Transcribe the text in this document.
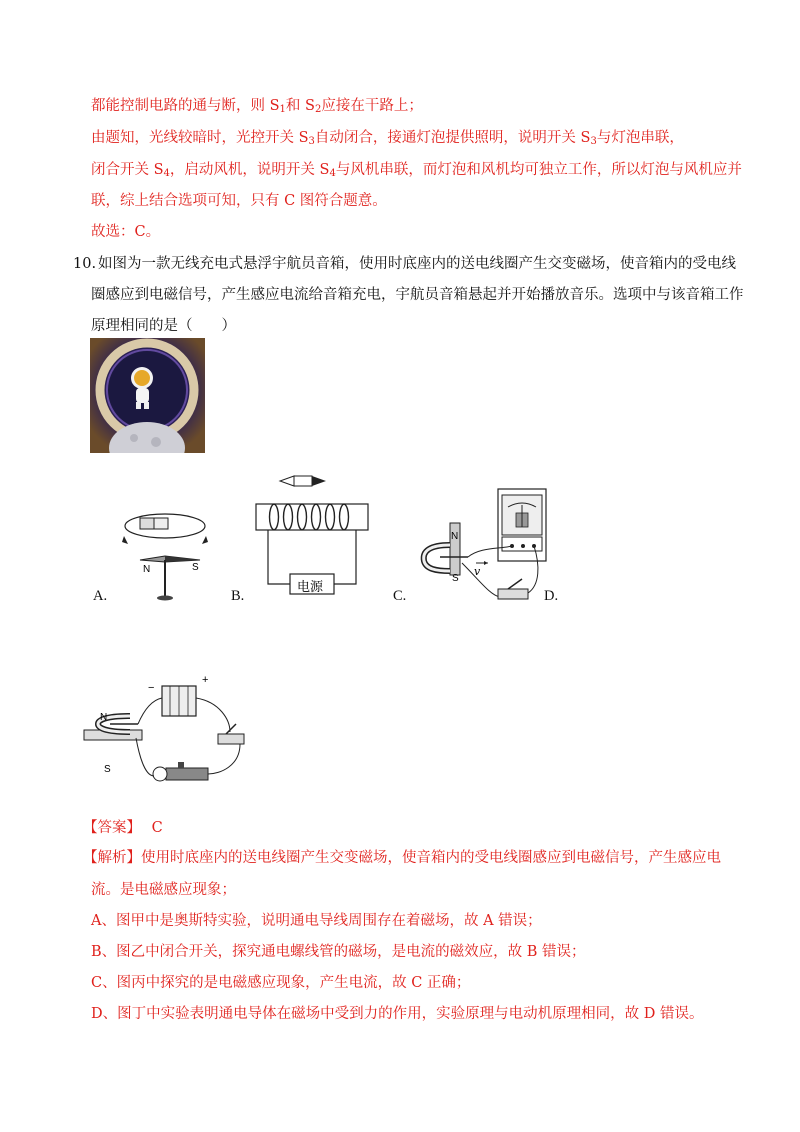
都能控制电路的通与断，则 $S_1$和 $S_2$应接在干路上；
由题知，光线较暗时，光控开关 $S_3$自动闭合，接通灯泡提供照明，说明开关 $S_3$与灯泡串联，
闭合开关 $S_4$，启动风机，说明开关 $S_4$与风机串联，而灯泡和风机均可独立工作，所以灯泡与风机应并
联，综上结合选项可知，只有 C 图符合题意。
故选：C。
10. 如图为一款无线充电式悬浮宇航员音箱，使用时底座内的送电线圈产生交变磁场，使音箱内的受电线
圈感应到电磁信号，产生感应电流给音箱充电，宇航员音箱悬起并开始播放音乐。选项中与该音箱工作
原理相同的是（　　）
N	S
A.
电源
B.
N
S
v
C.	D.
+
−
N
S
【答案】 C
【解析】使用时底座内的送电线圈产生交变磁场，使音箱内的受电线圈感应到电磁信号，产生感应电
流。是电磁感应现象；
A、图甲中是奥斯特实验，说明通电导线周围存在着磁场，故 A 错误；
B、图乙中闭合开关，探究通电螺线管的磁场，是电流的磁效应，故 B 错误；
C、图丙中探究的是电磁感应现象，产生电流，故 C 正确；
D、图丁中实验表明通电导体在磁场中受到力的作用，实验原理与电动机原理相同，故 D 错误。
